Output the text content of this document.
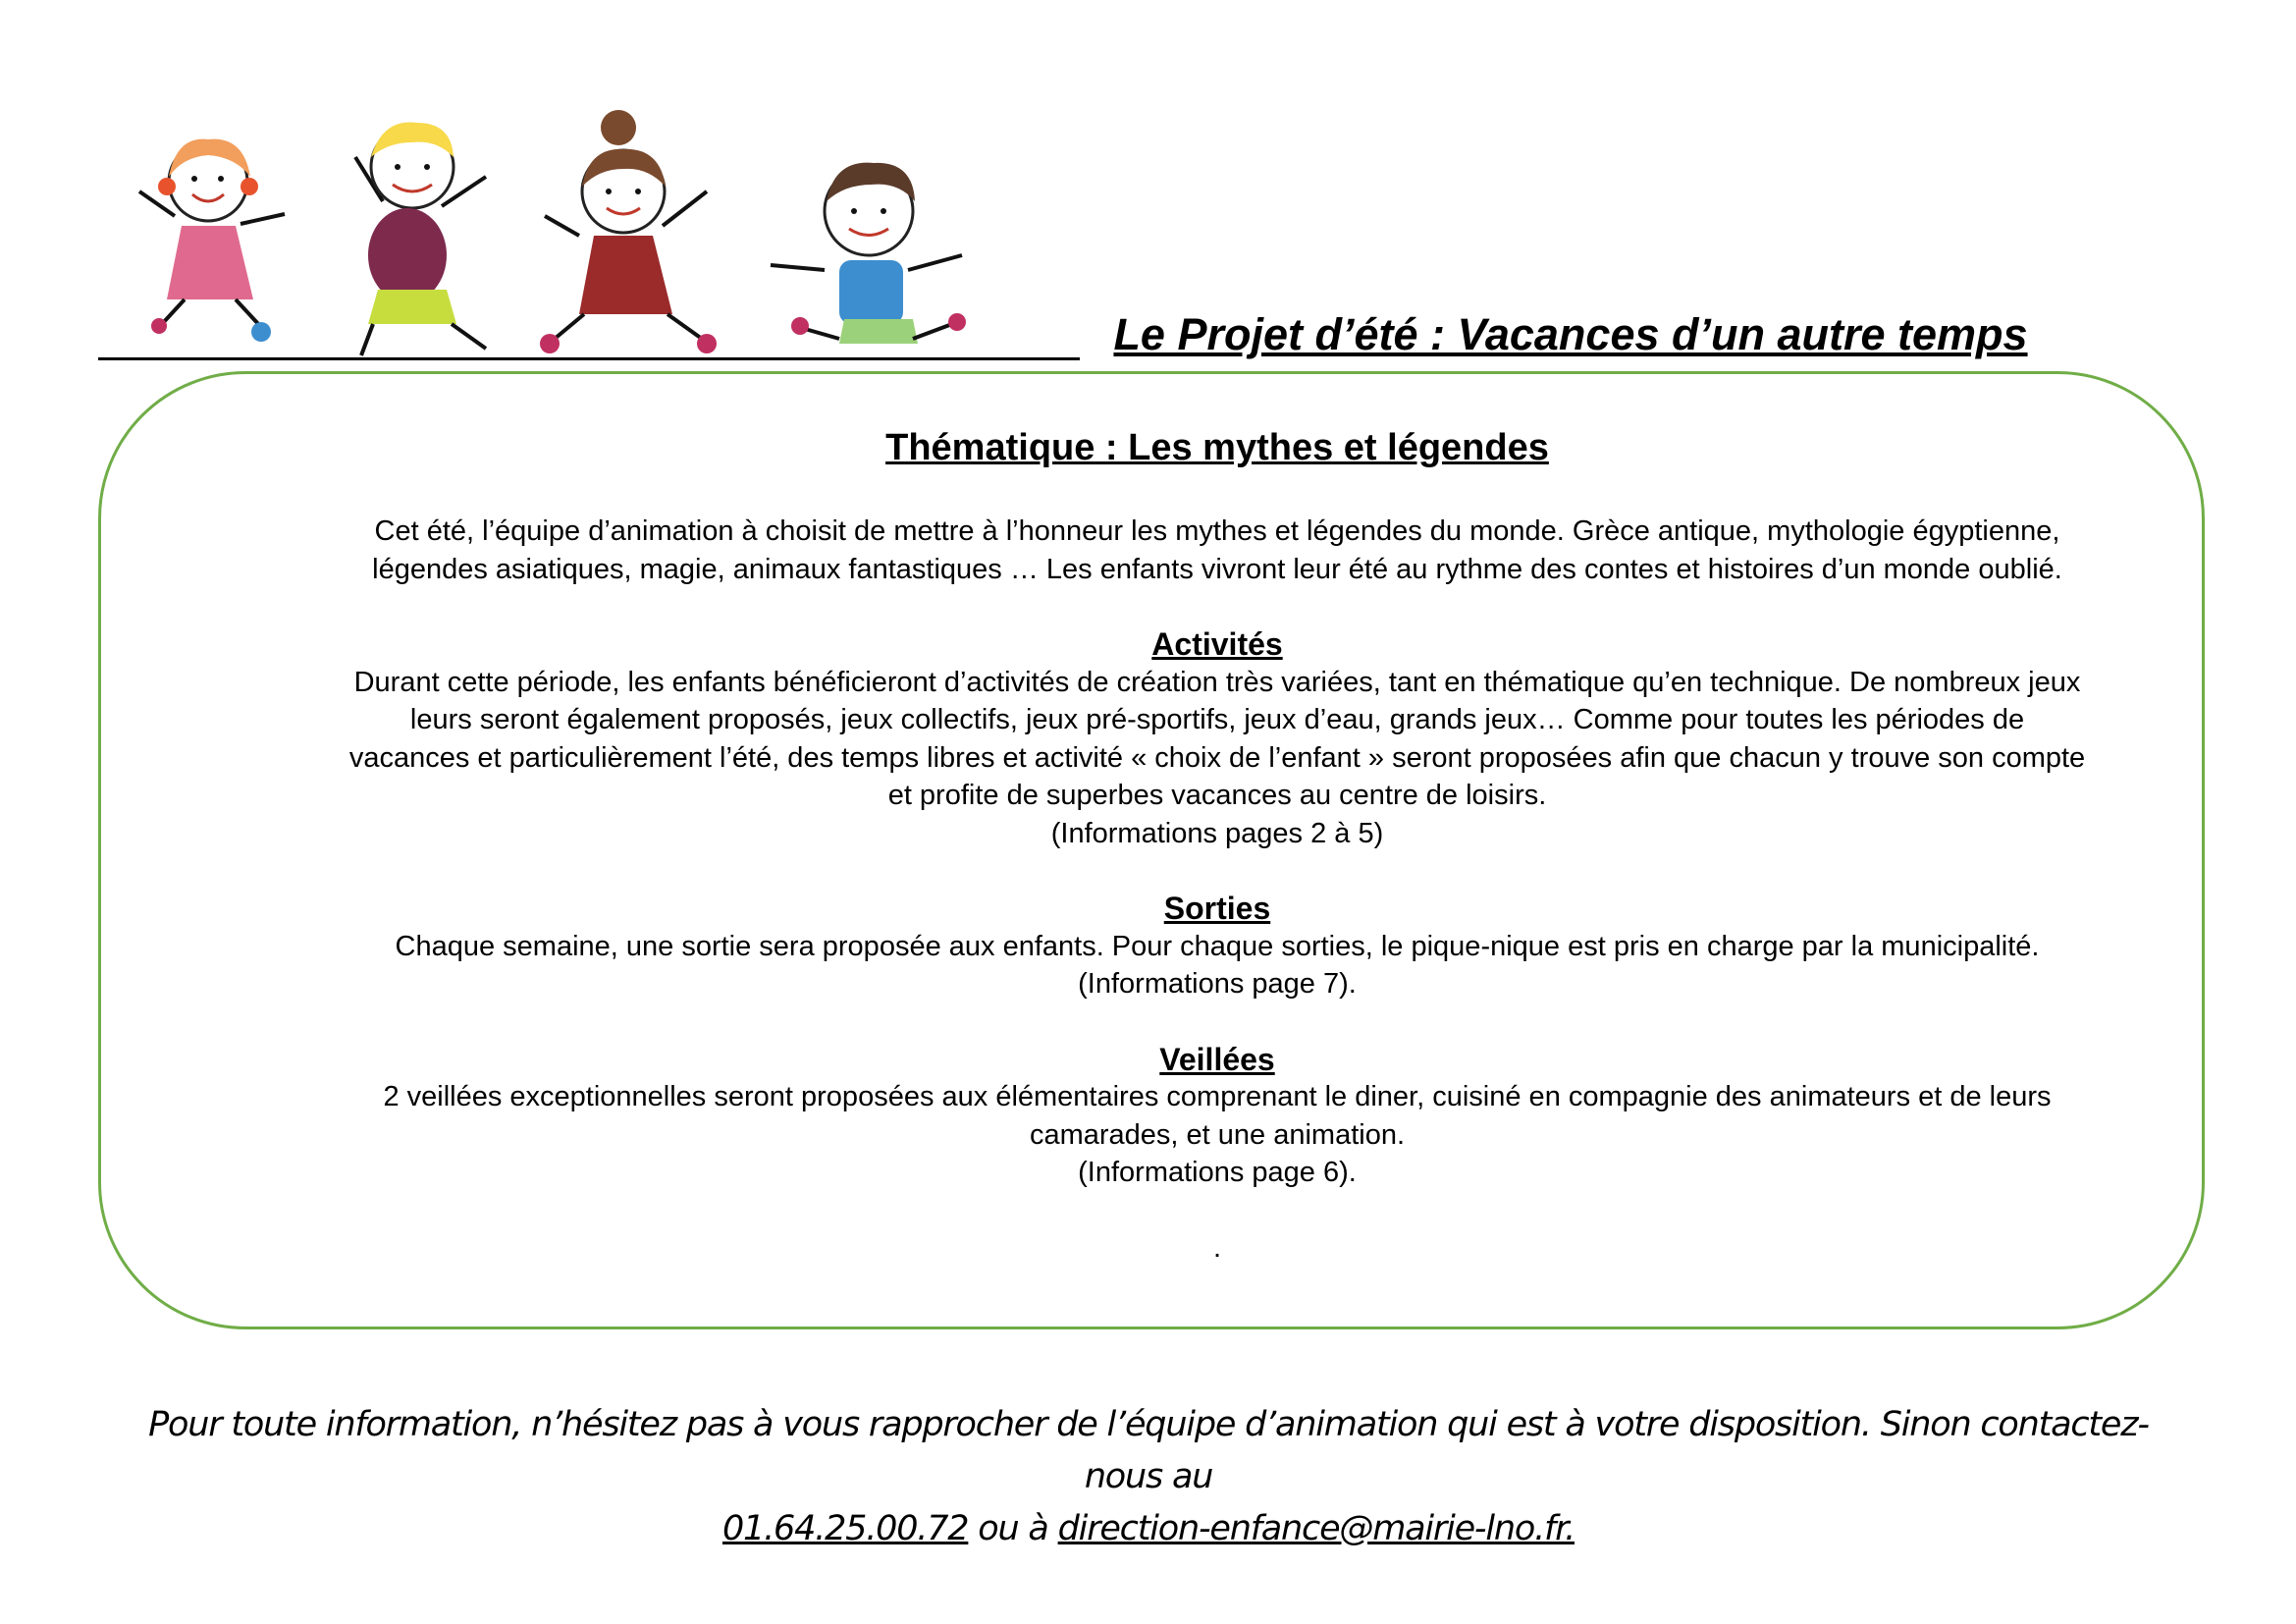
Le Projet d’été : Vacances d’un autre temps

Thématique : Les mythes et légendes

Cet été, l’équipe d’animation à choisit de mettre à l’honneur les mythes et légendes du monde. Grèce antique, mythologie égyptienne,

légendes asiatiques, magie, animaux fantastiques … Les enfants vivront leur été au rythme des contes et histoires d’un monde oublié.

Activités

Durant cette période, les enfants bénéficieront d’activités de création très variées, tant en thématique qu’en technique. De nombreux jeux

leurs seront également proposés, jeux collectifs, jeux pré-sportifs, jeux d’eau, grands jeux… Comme pour toutes les périodes de

vacances et particulièrement l’été, des temps libres et activité « choix de l’enfant » seront proposées afin que chacun y trouve son compte

et profite de superbes vacances au centre de loisirs.

(Informations pages 2 à 5)

Sorties

Chaque semaine, une sortie sera proposée aux enfants. Pour chaque sorties, le pique-nique est pris en charge par la municipalité.

(Informations page 7).

Veillées

2 veillées exceptionnelles seront proposées aux élémentaires comprenant le diner, cuisiné en compagnie des animateurs et de leurs

camarades, et une animation.

(Informations page 6).

.

Pour toute information, n’hésitez pas à vous rapprocher de l’équipe d’animation qui est à votre disposition. Sinon contactez-nous au
01.64.25.00.72 ou à direction-enfance@mairie-lno.fr.
